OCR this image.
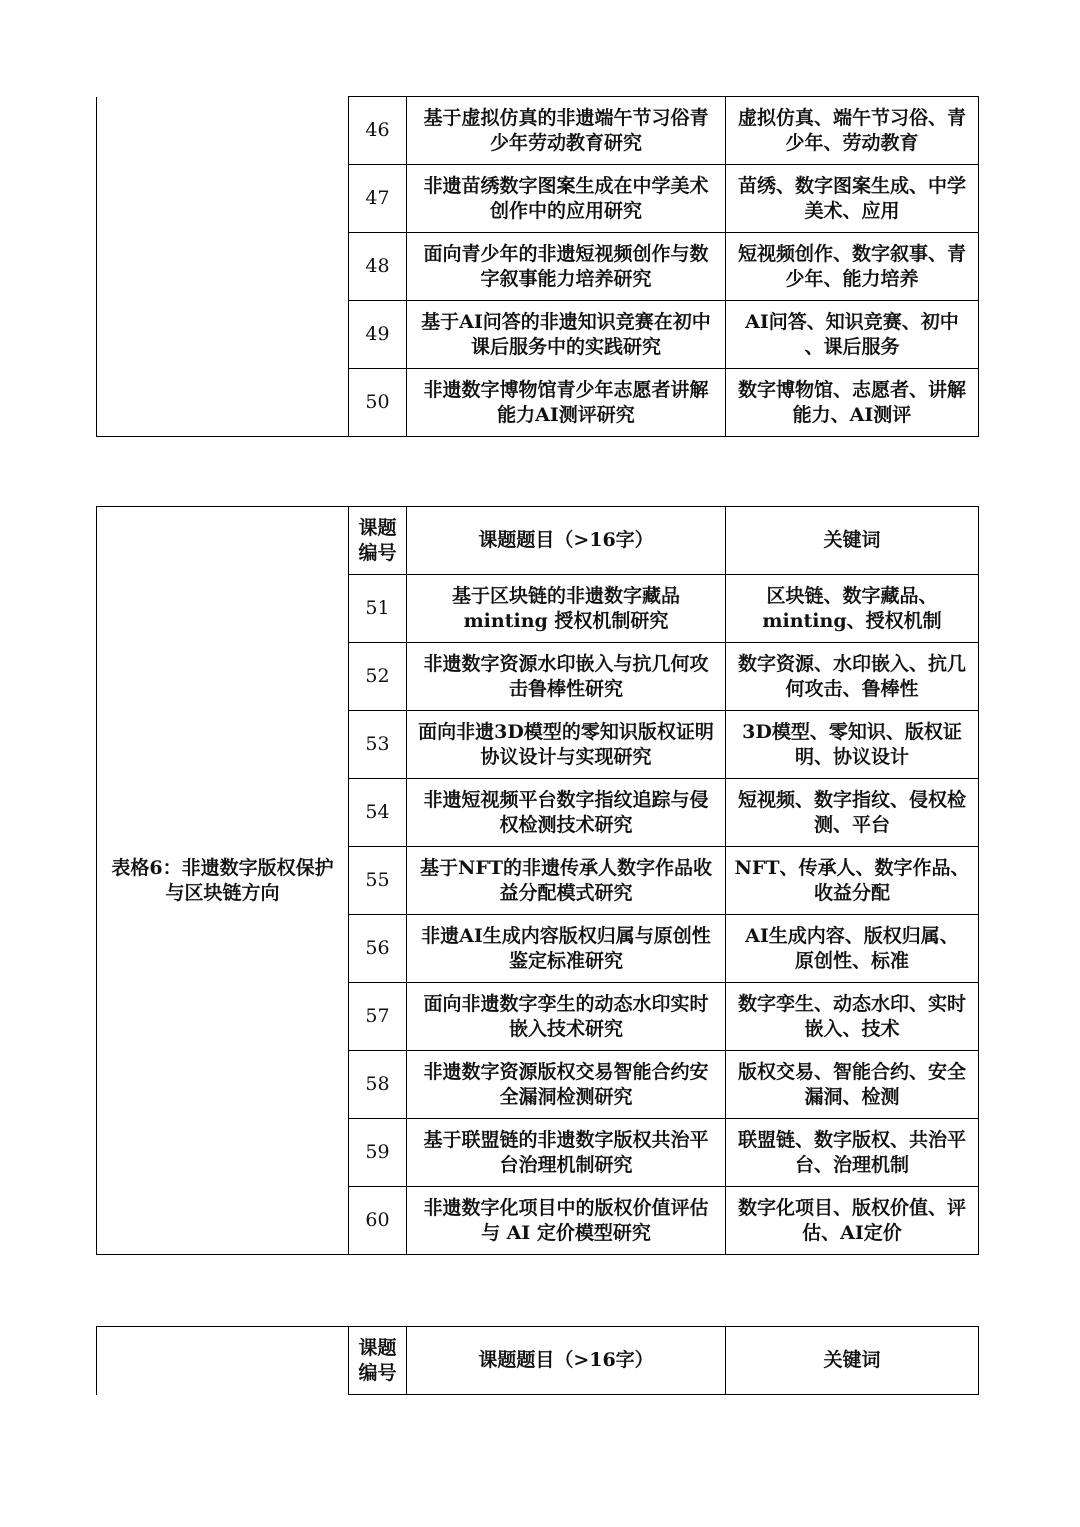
	46	基于虚拟仿真的非遗端午节习俗青
少年劳动教育研究	虚拟仿真、端午节习俗、青
少年、劳动教育
	47	非遗苗绣数字图案生成在中学美术
创作中的应用研究	苗绣、数字图案生成、中学
美术、应用
	48	面向青少年的非遗短视频创作与数
字叙事能力培养研究	短视频创作、数字叙事、青
少年、能力培养
	49	基于AI问答的非遗知识竞赛在初中
课后服务中的实践研究	AI问答、知识竞赛、初中
、课后服务
	50	非遗数字博物馆青少年志愿者讲解
能力AI测评研究	数字博物馆、志愿者、讲解
能力、AI测评
表格6：非遗数字版权保护
与区块链方向	课题
编号	课题题目（>16字）	关键词
	51	基于区块链的非遗数字藏品
minting 授权机制研究	区块链、数字藏品、
minting、授权机制
	52	非遗数字资源水印嵌入与抗几何攻
击鲁棒性研究	数字资源、水印嵌入、抗几
何攻击、鲁棒性
	53	面向非遗3D模型的零知识版权证明
协议设计与实现研究	3D模型、零知识、版权证
明、协议设计
	54	非遗短视频平台数字指纹追踪与侵
权检测技术研究	短视频、数字指纹、侵权检
测、平台
	55	基于NFT的非遗传承人数字作品收
益分配模式研究	NFT、传承人、数字作品、
收益分配
	56	非遗AI生成内容版权归属与原创性
鉴定标准研究	AI生成内容、版权归属、
原创性、标准
	57	面向非遗数字孪生的动态水印实时
嵌入技术研究	数字孪生、动态水印、实时
嵌入、技术
	58	非遗数字资源版权交易智能合约安
全漏洞检测研究	版权交易、智能合约、安全
漏洞、检测
	59	基于联盟链的非遗数字版权共治平
台治理机制研究	联盟链、数字版权、共治平
台、治理机制
	60	非遗数字化项目中的版权价值评估
与 AI 定价模型研究	数字化项目、版权价值、评
估、AI定价
	课题
编号	课题题目（>16字）	关键词
